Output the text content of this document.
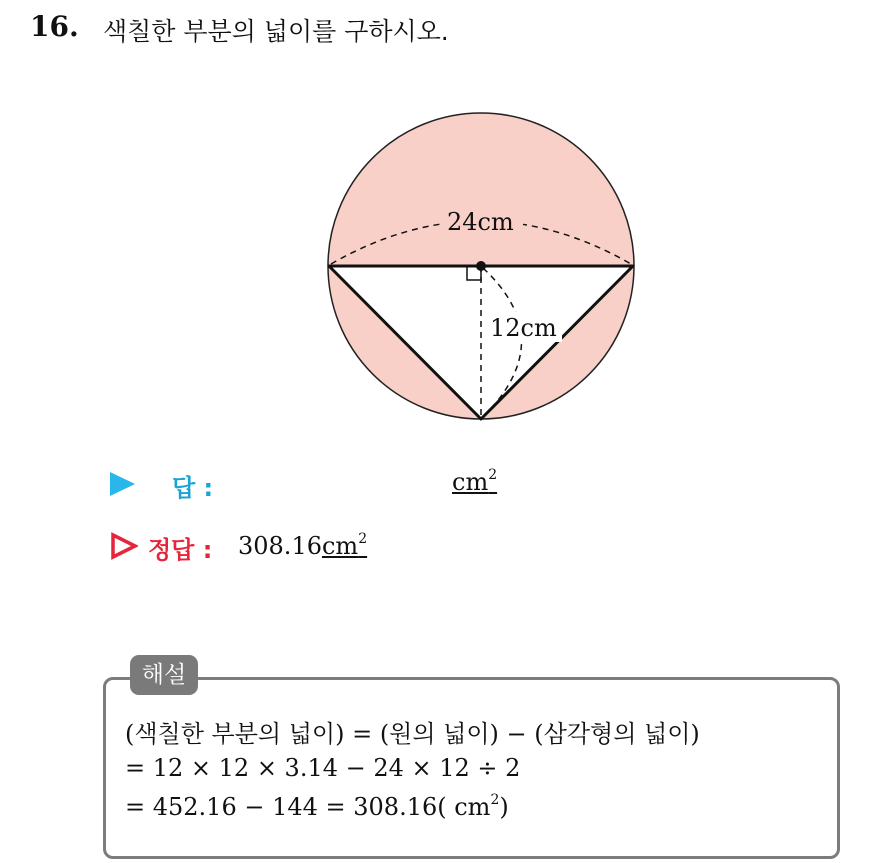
16. 색칠한 부분의 넓이를 구하시오.
24cm
12cm
답 :	$cm^2$
정답 : $308.16cm^2$
해설
(색칠한 부분의 넓이) = (원의 넓이) − (삼각형의 넓이)
= 12 × 12 × 3.14 − 24 × 12 ÷ 2
= 452.16 − 144 = 308.16( $cm^2$)
